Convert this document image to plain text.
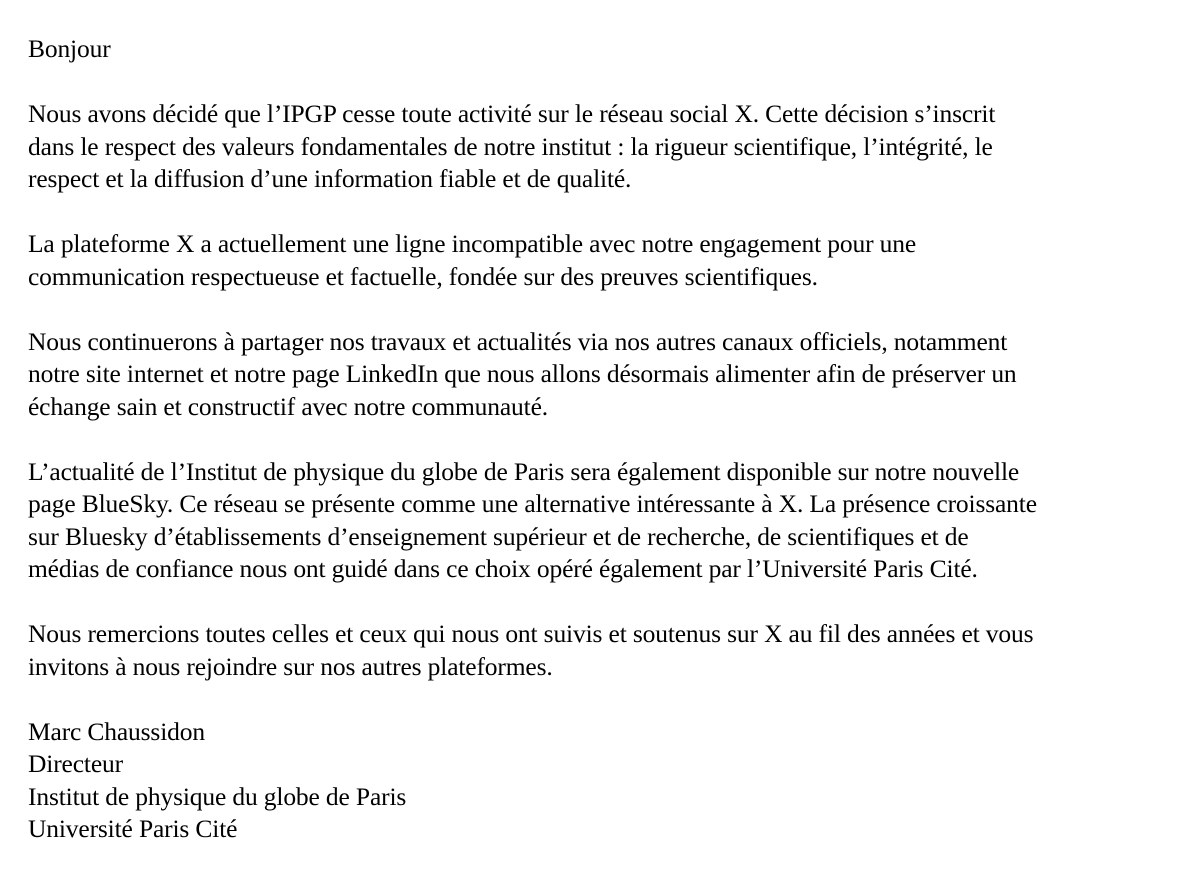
Bonjour

Nous avons décidé que l’IPGP cesse toute activité sur le réseau social X. Cette décision s’inscrit
dans le respect des valeurs fondamentales de notre institut : la rigueur scientifique, l’intégrité, le
respect et la diffusion d’une information fiable et de qualité.

La plateforme X a actuellement une ligne incompatible avec notre engagement pour une
communication respectueuse et factuelle, fondée sur des preuves scientifiques.

Nous continuerons à partager nos travaux et actualités via nos autres canaux officiels, notamment
notre site internet et notre page LinkedIn que nous allons désormais alimenter afin de préserver un
échange sain et constructif avec notre communauté.

L’actualité de l’Institut de physique du globe de Paris sera également disponible sur notre nouvelle
page BlueSky. Ce réseau se présente comme une alternative intéressante à X. La présence croissante
sur Bluesky d’établissements d’enseignement supérieur et de recherche, de scientifiques et de
médias de confiance nous ont guidé dans ce choix opéré également par l’Université Paris Cité.

Nous remercions toutes celles et ceux qui nous ont suivis et soutenus sur X au fil des années et vous
invitons à nous rejoindre sur nos autres plateformes.

Marc Chaussidon
Directeur
Institut de physique du globe de Paris
Université Paris Cité
